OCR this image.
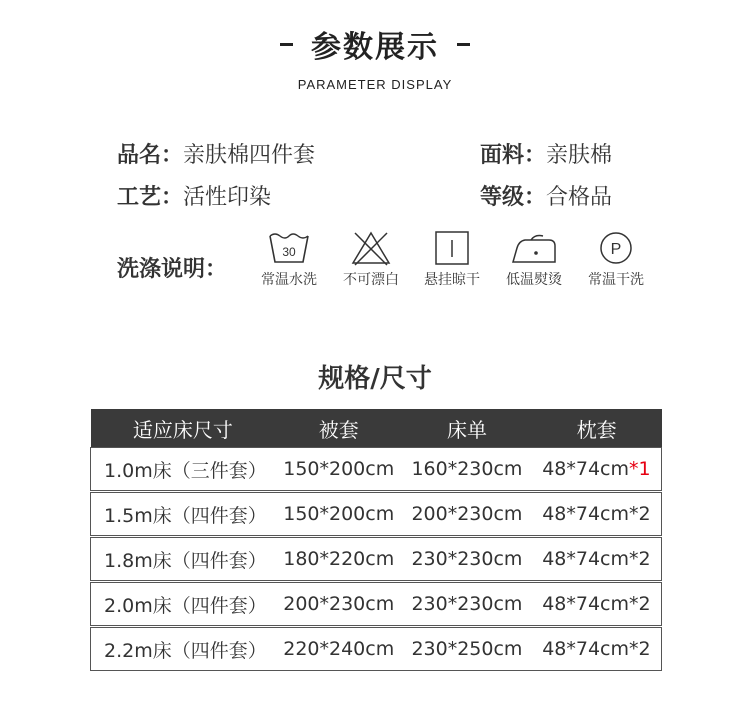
参数展示
PARAMETER DISPLAY
品名：亲肤棉四件套	面料：亲肤棉
工艺：活性印染	等级：合格品
洗涤说明：
30
常温水洗	不可漂白	悬挂晾干	低温熨烫
P
常温干洗
规格/尺寸
适应床尺寸	被套	床单	枕套
1.0m床（三件套）	150*200cm	160*230cm	48*74cm*1

1.5m床（四件套）	150*200cm	200*230cm	48*74cm*2

1.8m床（四件套）	180*220cm	230*230cm	48*74cm*2

2.0m床（四件套）	200*230cm	230*230cm	48*74cm*2

2.2m床（四件套）	220*240cm	230*250cm	48*74cm*2
